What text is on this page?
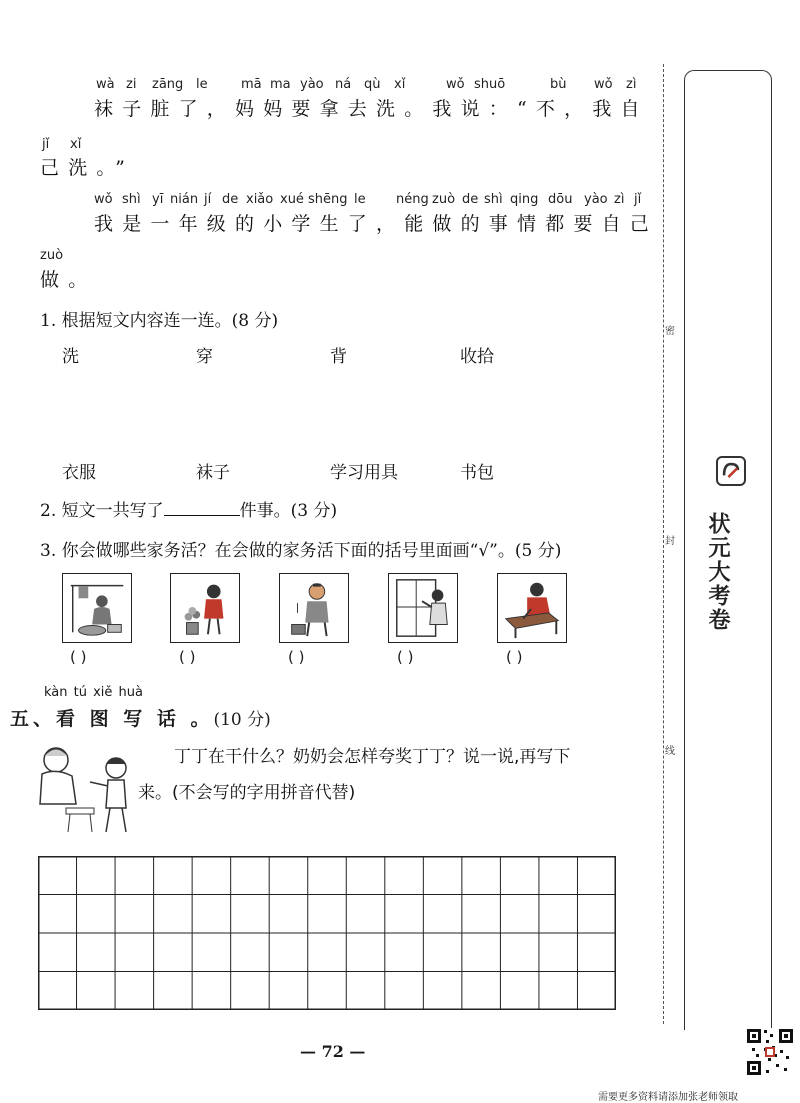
wà zi zāng le	mā ma yào ná qù xǐ	wǒ shuō	bù wǒ zì
袜子脏了，妈妈要拿去洗。我说：“不，我自
jǐ xǐ
己洗。”
wǒ shì yī nián jí de xiǎo xué shēng le néng zuò de shì qing dōu yào zì jǐ
我是一年级的小学生了，能做的事情都要自己
zuò
做。
1. 根据短文内容连一连。(8 分)
洗	穿	背	收拾
衣服	袜子	学习用具	书包
2. 短文一共写了	件事。(3 分)
3. 你会做哪些家务活？在会做的家务活下面的括号里面画“√”。(5 分)
( )	( )	( )	( )	( )
kàn tú xiě huà
五、看 图 写 话 。(10 分)
丁丁在干什么？奶奶会怎样夸奖丁丁？说一说,再写下
来。(不会写的字用拼音代替)
密
封
线
状元大考卷
— 72 —
需要更多资料请添加张老师领取
